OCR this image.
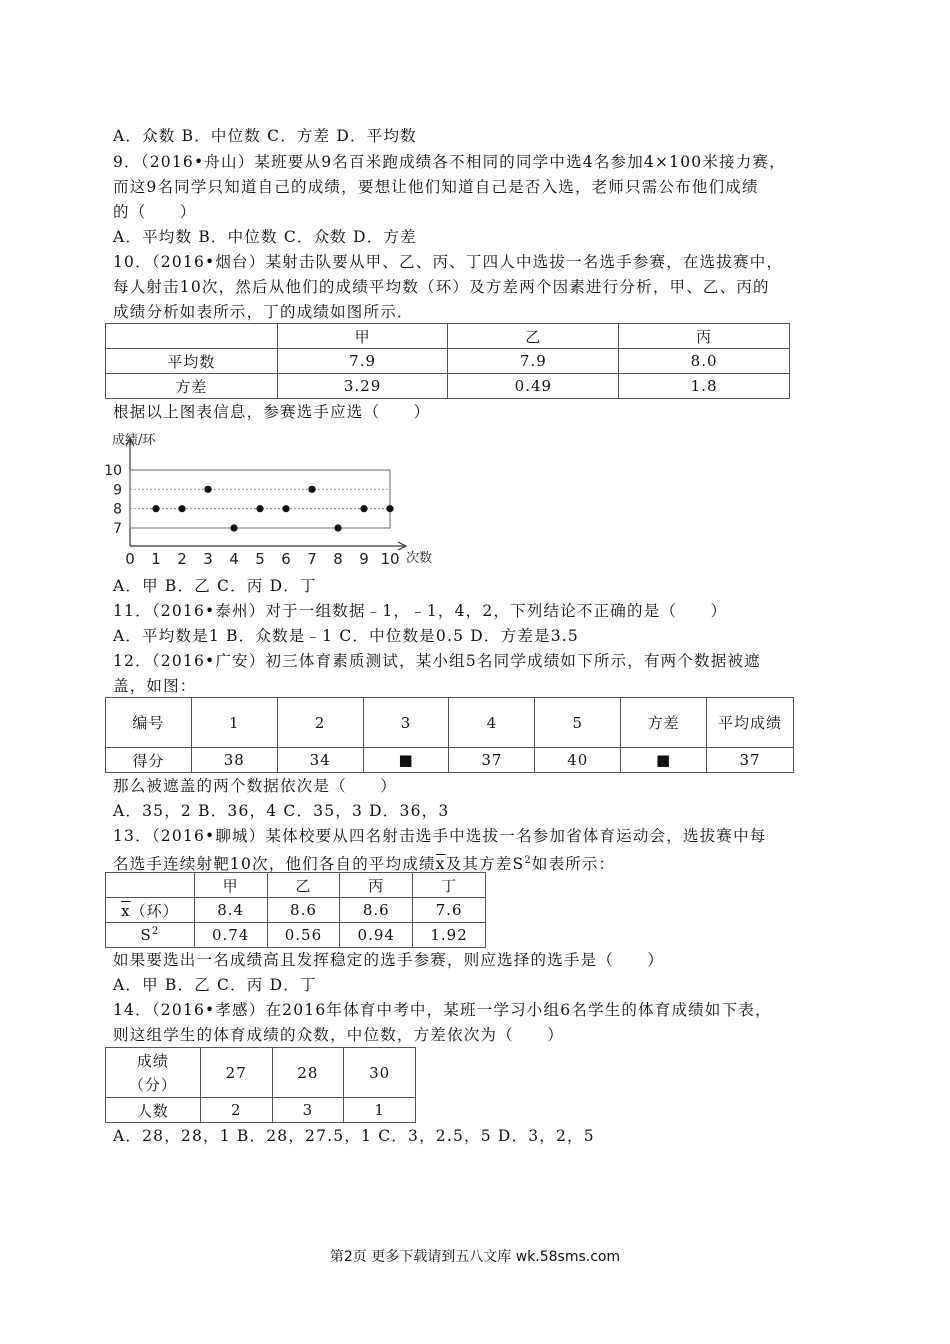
A．众数 B．中位数 C．方差 D．平均数
9．（2016•舟山）某班要从9名百米跑成绩各不相同的同学中选4名参加4×100米接力赛，
而这9名同学只知道自己的成绩，要想让他们知道自己是否入选，老师只需公布他们成绩
的（　　）
A．平均数 B．中位数 C．众数 D．方差
10．（2016•烟台）某射击队要从甲、乙、丙、丁四人中选拔一名选手参赛，在选拔赛中，
每人射击10次，然后从他们的成绩平均数（环）及方差两个因素进行分析，甲、乙、丙的
成绩分析如表所示，丁的成绩如图所示．
	甲	乙	丙
平均数	7.9	7.9	8.0
方差	3.29	0.49	1.8
根据以上图表信息，参赛选手应选（　　）
7
8
9
10
0 1 2 3 4 5 6 7 8 9 10
成绩/环
次数
A．甲 B．乙 C．丙 D．丁
11．（2016•泰州）对于一组数据﹣1，﹣1，4，2，下列结论不正确的是（　　）
A．平均数是1 B．众数是﹣1 C．中位数是0.5 D．方差是3.5
12．（2016•广安）初三体育素质测试，某小组5名同学成绩如下所示，有两个数据被遮
盖，如图：
编号	1	2	3	4	5	方差	平均成绩
得分	38	34	■	37	40	■	37
那么被遮盖的两个数据依次是（　　）
A．35，2 B．36，4 C．35，3 D．36，3
13．（2016•聊城）某体校要从四名射击选手中选拔一名参加省体育运动会，选拔赛中每
名选手连续射靶10次，他们各自的平均成绩$\overline{x}$及其方差$S^2$如表所示：
	甲	乙	丙	丁
$\overline{x}$（环）	8.4	8.6	8.6	7.6
$S^2$	0.74	0.56	0.94	1.92
如果要选出一名成绩高且发挥稳定的选手参赛，则应选择的选手是（　　）
A．甲 B．乙 C．丙 D．丁
14．（2016•孝感）在2016年体育中考中，某班一学习小组6名学生的体育成绩如下表，
则这组学生的体育成绩的众数，中位数，方差依次为（　　）
成绩（分）	27	28	30
人数	2	3	1
A．28，28，1 B．28，27.5，1 C．3，2.5，5 D．3，2，5
第2页 更多下载请到五八文库 wk.58sms.com
